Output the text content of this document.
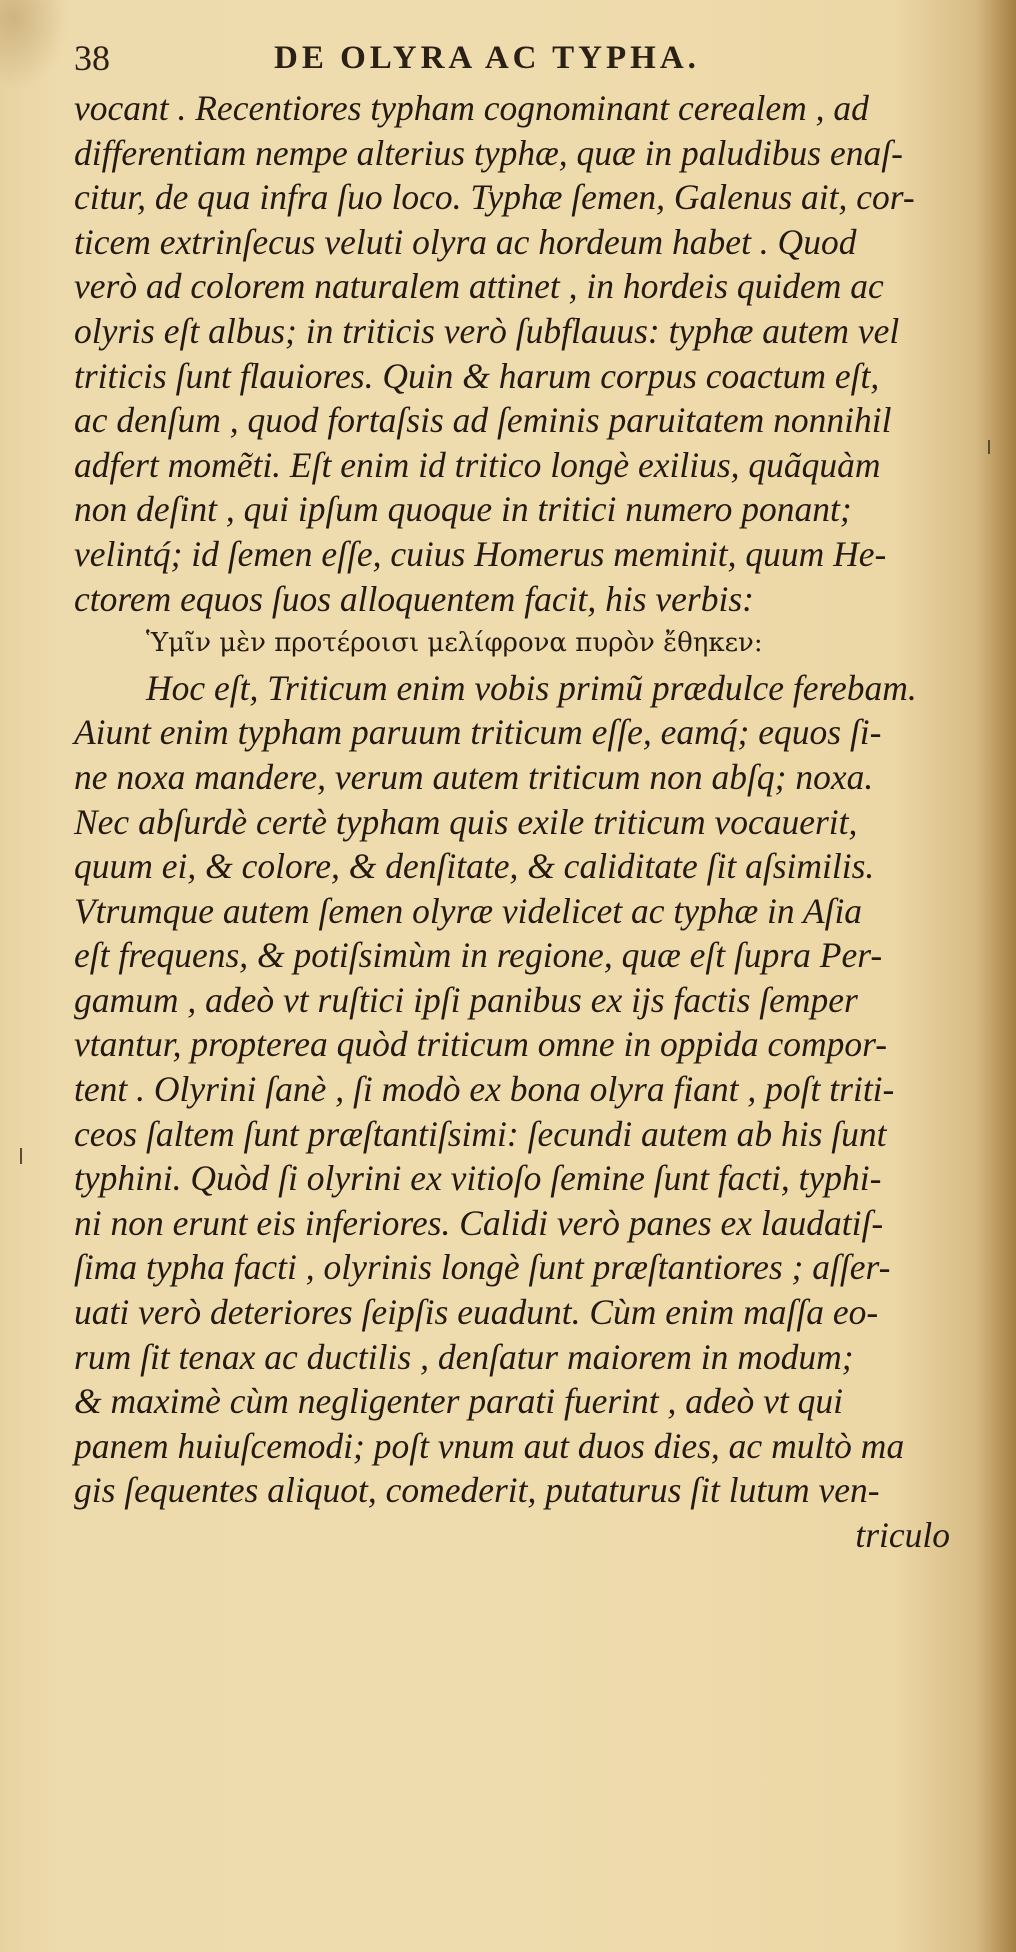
38	DE OLYRA AC TYPHA.
vocant . Recentiores typham cognominant cerealem , ad
differentiam nempe alterius typhæ, quæ in paludibus enaſ-
citur, de qua infra ſuo loco. Typhæ ſemen, Galenus ait, cor-
ticem extrinſecus veluti olyra ac hordeum habet . Quod
verò ad colorem naturalem attinet , in hordeis quidem ac
olyris eſt albus; in triticis verò ſubflauus: typhæ autem vel
triticis ſunt flauiores. Quin & harum corpus coactum eſt,
ac denſum , quod fortaſsis ad ſeminis paruitatem nonnihil
adfert momẽti. Eſt enim id tritico longè exilius, quãquàm
non deſint , qui ipſum quoque in tritici numero ponant;
velintq́; id ſemen eſſe, cuius Homerus meminit, quum He-
ctorem equos ſuos alloquentem facit, his verbis:
Ὑμῖν μὲν προτέροισι μελίφρονα πυρὸν ἔθηκεν:
Hoc eſt, Triticum enim vobis primũ prædulce ferebam.
Aiunt enim typham paruum triticum eſſe, eamq́; equos ſi-
ne noxa mandere, verum autem triticum non abſq; noxa.
Nec abſurdè certè typham quis exile triticum vocauerit,
quum ei, & colore, & denſitate, & caliditate ſit aſsimilis.
Vtrumque autem ſemen olyræ videlicet ac typhæ in Aſia
eſt frequens, & potiſsimùm in regione, quæ eſt ſupra Per-
gamum , adeò vt ruſtici ipſi panibus ex ijs factis ſemper
vtantur, propterea quòd triticum omne in oppida compor-
tent . Olyrini ſanè , ſi modò ex bona olyra fiant , poſt triti-
ceos ſaltem ſunt præſtantiſsimi: ſecundi autem ab his ſunt
typhini. Quòd ſi olyrini ex vitioſo ſemine ſunt facti, typhi-
ni non erunt eis inferiores. Calidi verò panes ex laudatiſ-
ſima typha facti , olyrinis longè ſunt præſtantiores ; aſſer-
uati verò deteriores ſeipſis euadunt. Cùm enim maſſa eo-
rum ſit tenax ac ductilis , denſatur maiorem in modum;
& maximè cùm negligenter parati fuerint , adeò vt qui
panem huiuſcemodi; poſt vnum aut duos dies, ac multò ma
gis ſequentes aliquot, comederit, putaturus ſit lutum ven-
triculo
